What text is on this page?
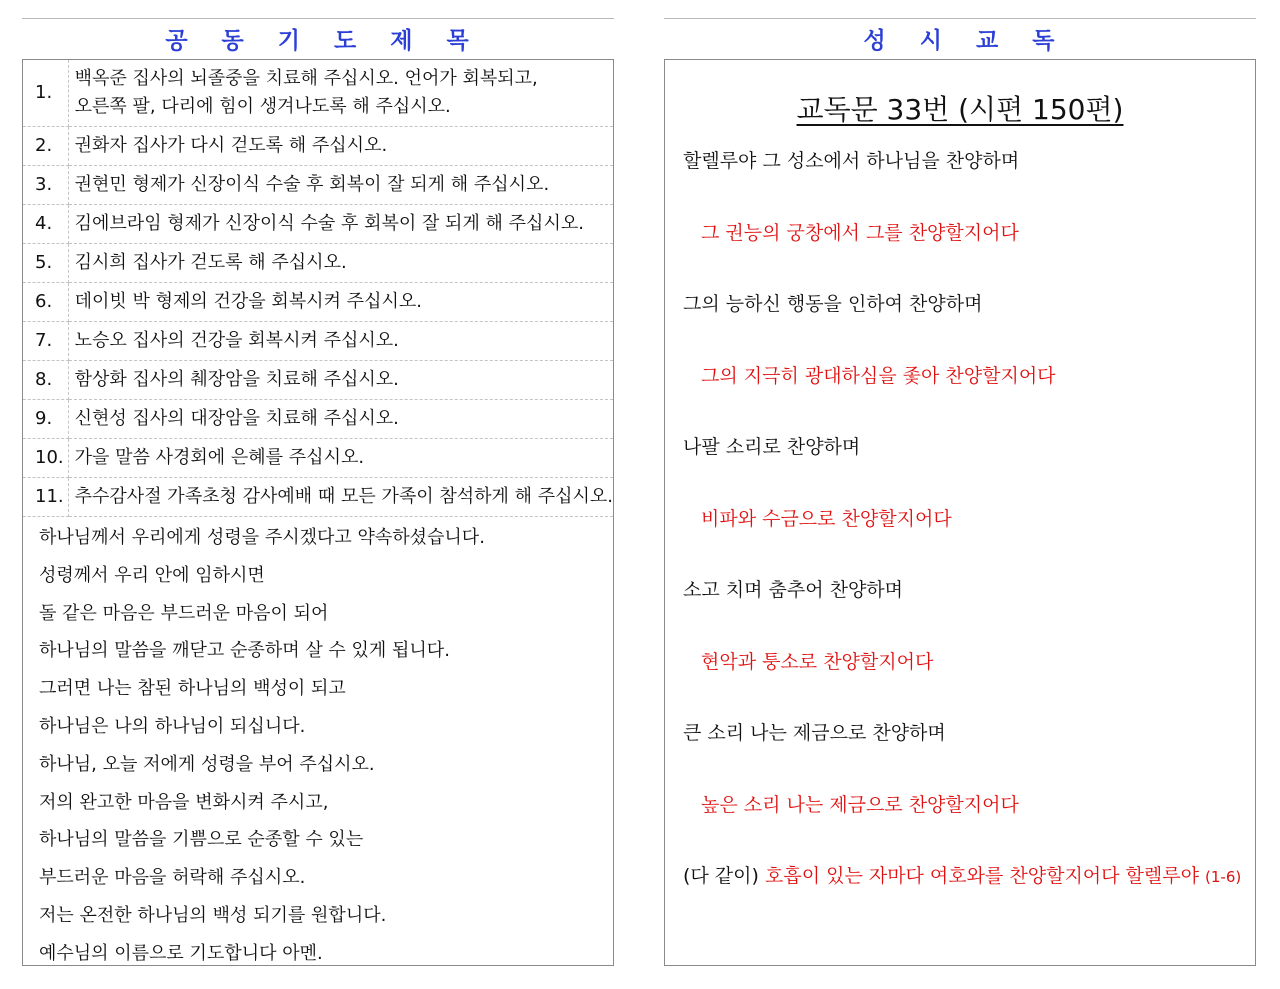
공 동 기 도 제 목
1.	백옥준 집사의 뇌졸중을 치료해 주십시오. 언어가 회복되고,
오른쪽 팔, 다리에 힘이 생겨나도록 해 주십시오.

2.	권화자 집사가 다시 걷도록 해 주십시오.

3.	권현민 형제가 신장이식 수술 후 회복이 잘 되게 해 주십시오.

4.	김에브라임 형제가 신장이식 수술 후 회복이 잘 되게 해 주십시오.

5.	김시희 집사가 걷도록 해 주십시오.

6.	데이빗 박 형제의 건강을 회복시켜 주십시오.

7.	노승오 집사의 건강을 회복시켜 주십시오.

8.	함상화 집사의 췌장암을 치료해 주십시오.

9.	신현성 집사의 대장암을 치료해 주십시오.

10.	가을 말씀 사경회에 은혜를 주십시오.

11.	추수감사절 가족초청 감사예배 때 모든 가족이 참석하게 해 주십시오.
하나님께서 우리에게 성령을 주시겠다고 약속하셨습니다.
성령께서 우리 안에 임하시면
돌 같은 마음은 부드러운 마음이 되어
하나님의 말씀을 깨닫고 순종하며 살 수 있게 됩니다.
그러면 나는 참된 하나님의 백성이 되고
하나님은 나의 하나님이 되십니다.
하나님, 오늘 저에게 성령을 부어 주십시오.
저의 완고한 마음을 변화시켜 주시고,
하나님의 말씀을 기쁨으로 순종할 수 있는
부드러운 마음을 허락해 주십시오.
저는 온전한 하나님의 백성 되기를 원합니다.
예수님의 이름으로 기도합니다 아멘.
성 시 교 독
교독문 33번 (시편 150편)
할렐루야 그 성소에서 하나님을 찬양하며
그 권능의 궁창에서 그를 찬양할지어다
그의 능하신 행동을 인하여 찬양하며
그의 지극히 광대하심을 좇아 찬양할지어다
나팔 소리로 찬양하며
비파와 수금으로 찬양할지어다
소고 치며 춤추어 찬양하며
현악과 퉁소로 찬양할지어다
큰 소리 나는 제금으로 찬양하며
높은 소리 나는 제금으로 찬양할지어다
(다 같이) 호흡이 있는 자마다 여호와를 찬양할지어다 할렐루야 (1-6)
